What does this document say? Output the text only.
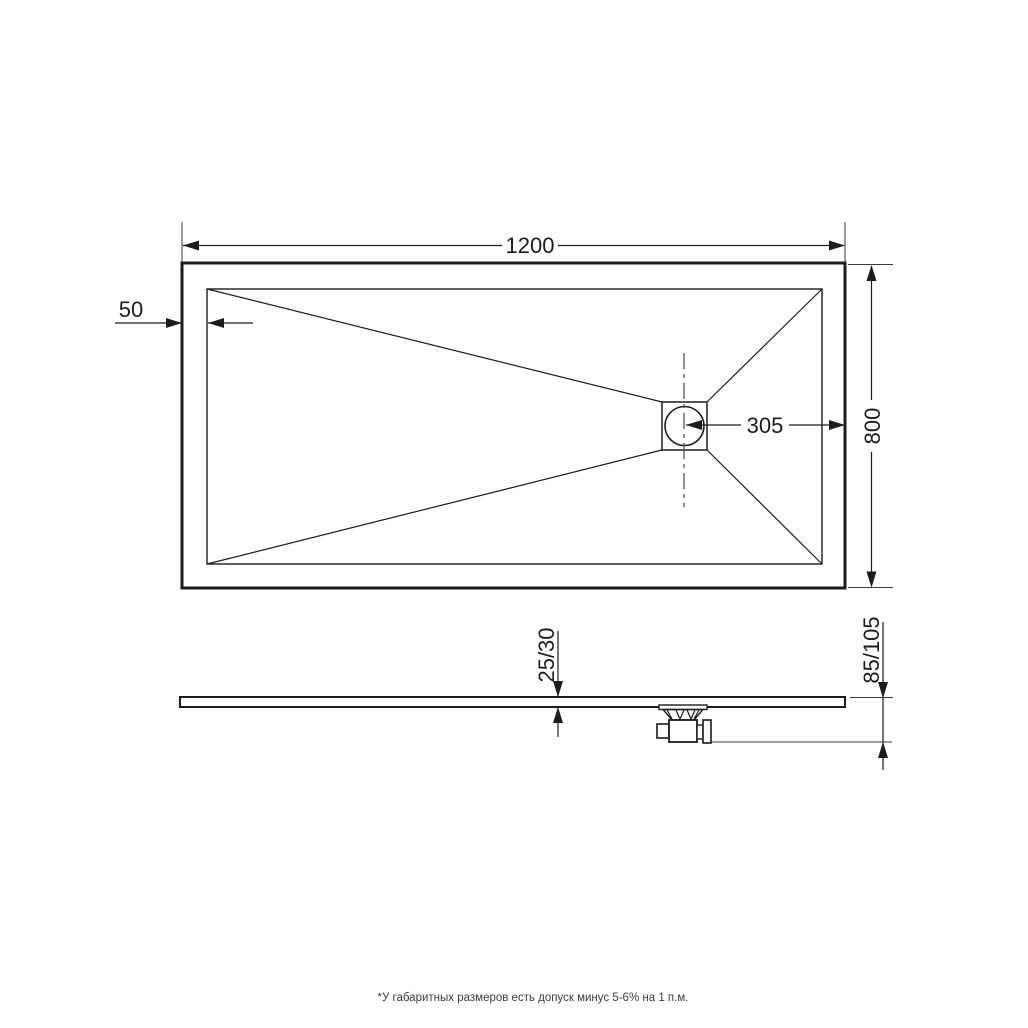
1200
50
305	800
25/30	85/105
*У габаритных размеров есть допуск минус 5-6% на 1 п.м.
